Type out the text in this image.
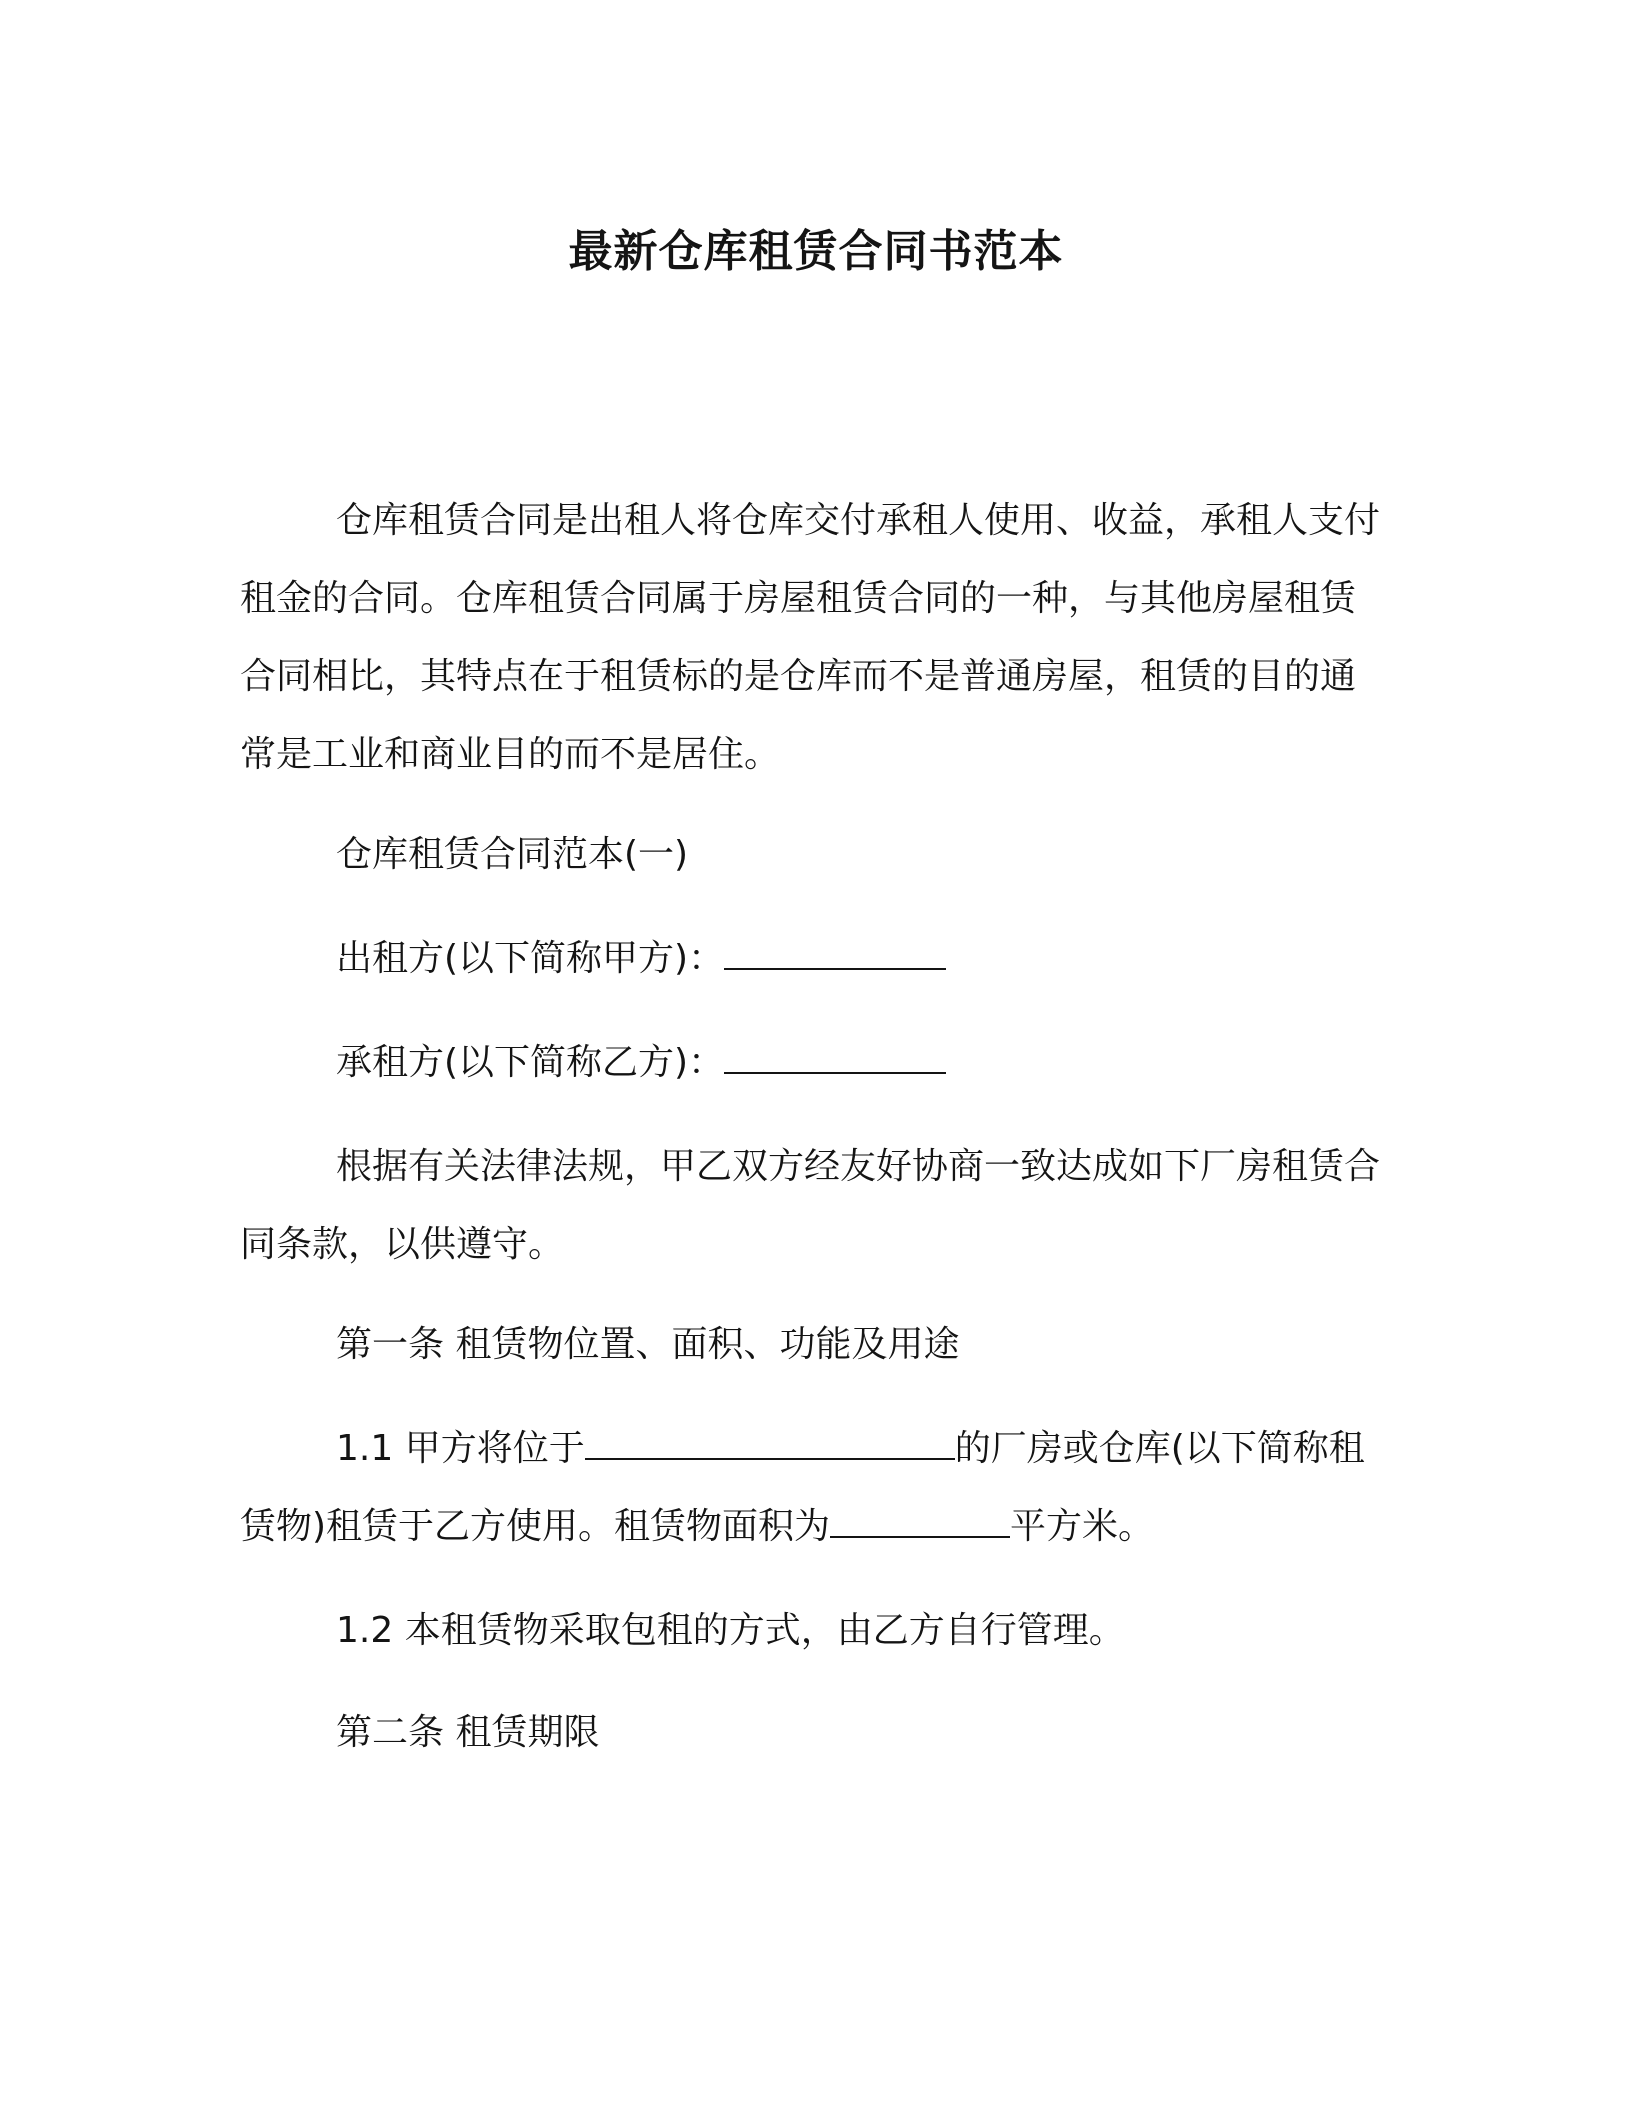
最新仓库租赁合同书范本

仓库租赁合同是出租人将仓库交付承租人使用、收益，承租人支付租金的合同。仓库租赁合同属于房屋租赁合同的一种，与其他房屋租赁合同相比，其特点在于租赁标的是仓库而不是普通房屋，租赁的目的通常是工业和商业目的而不是居住。

仓库租赁合同范本(一)

出租方(以下简称甲方)：

承租方(以下简称乙方)：

根据有关法律法规，甲乙双方经友好协商一致达成如下厂房租赁合同条款，以供遵守。

第一条 租赁物位置、面积、功能及用途

1.1 甲方将位于	的厂房或仓库(以下简称租赁物)租赁于乙方使用。租赁物面积为	平方米。

1.2 本租赁物采取包租的方式，由乙方自行管理。

第二条 租赁期限
